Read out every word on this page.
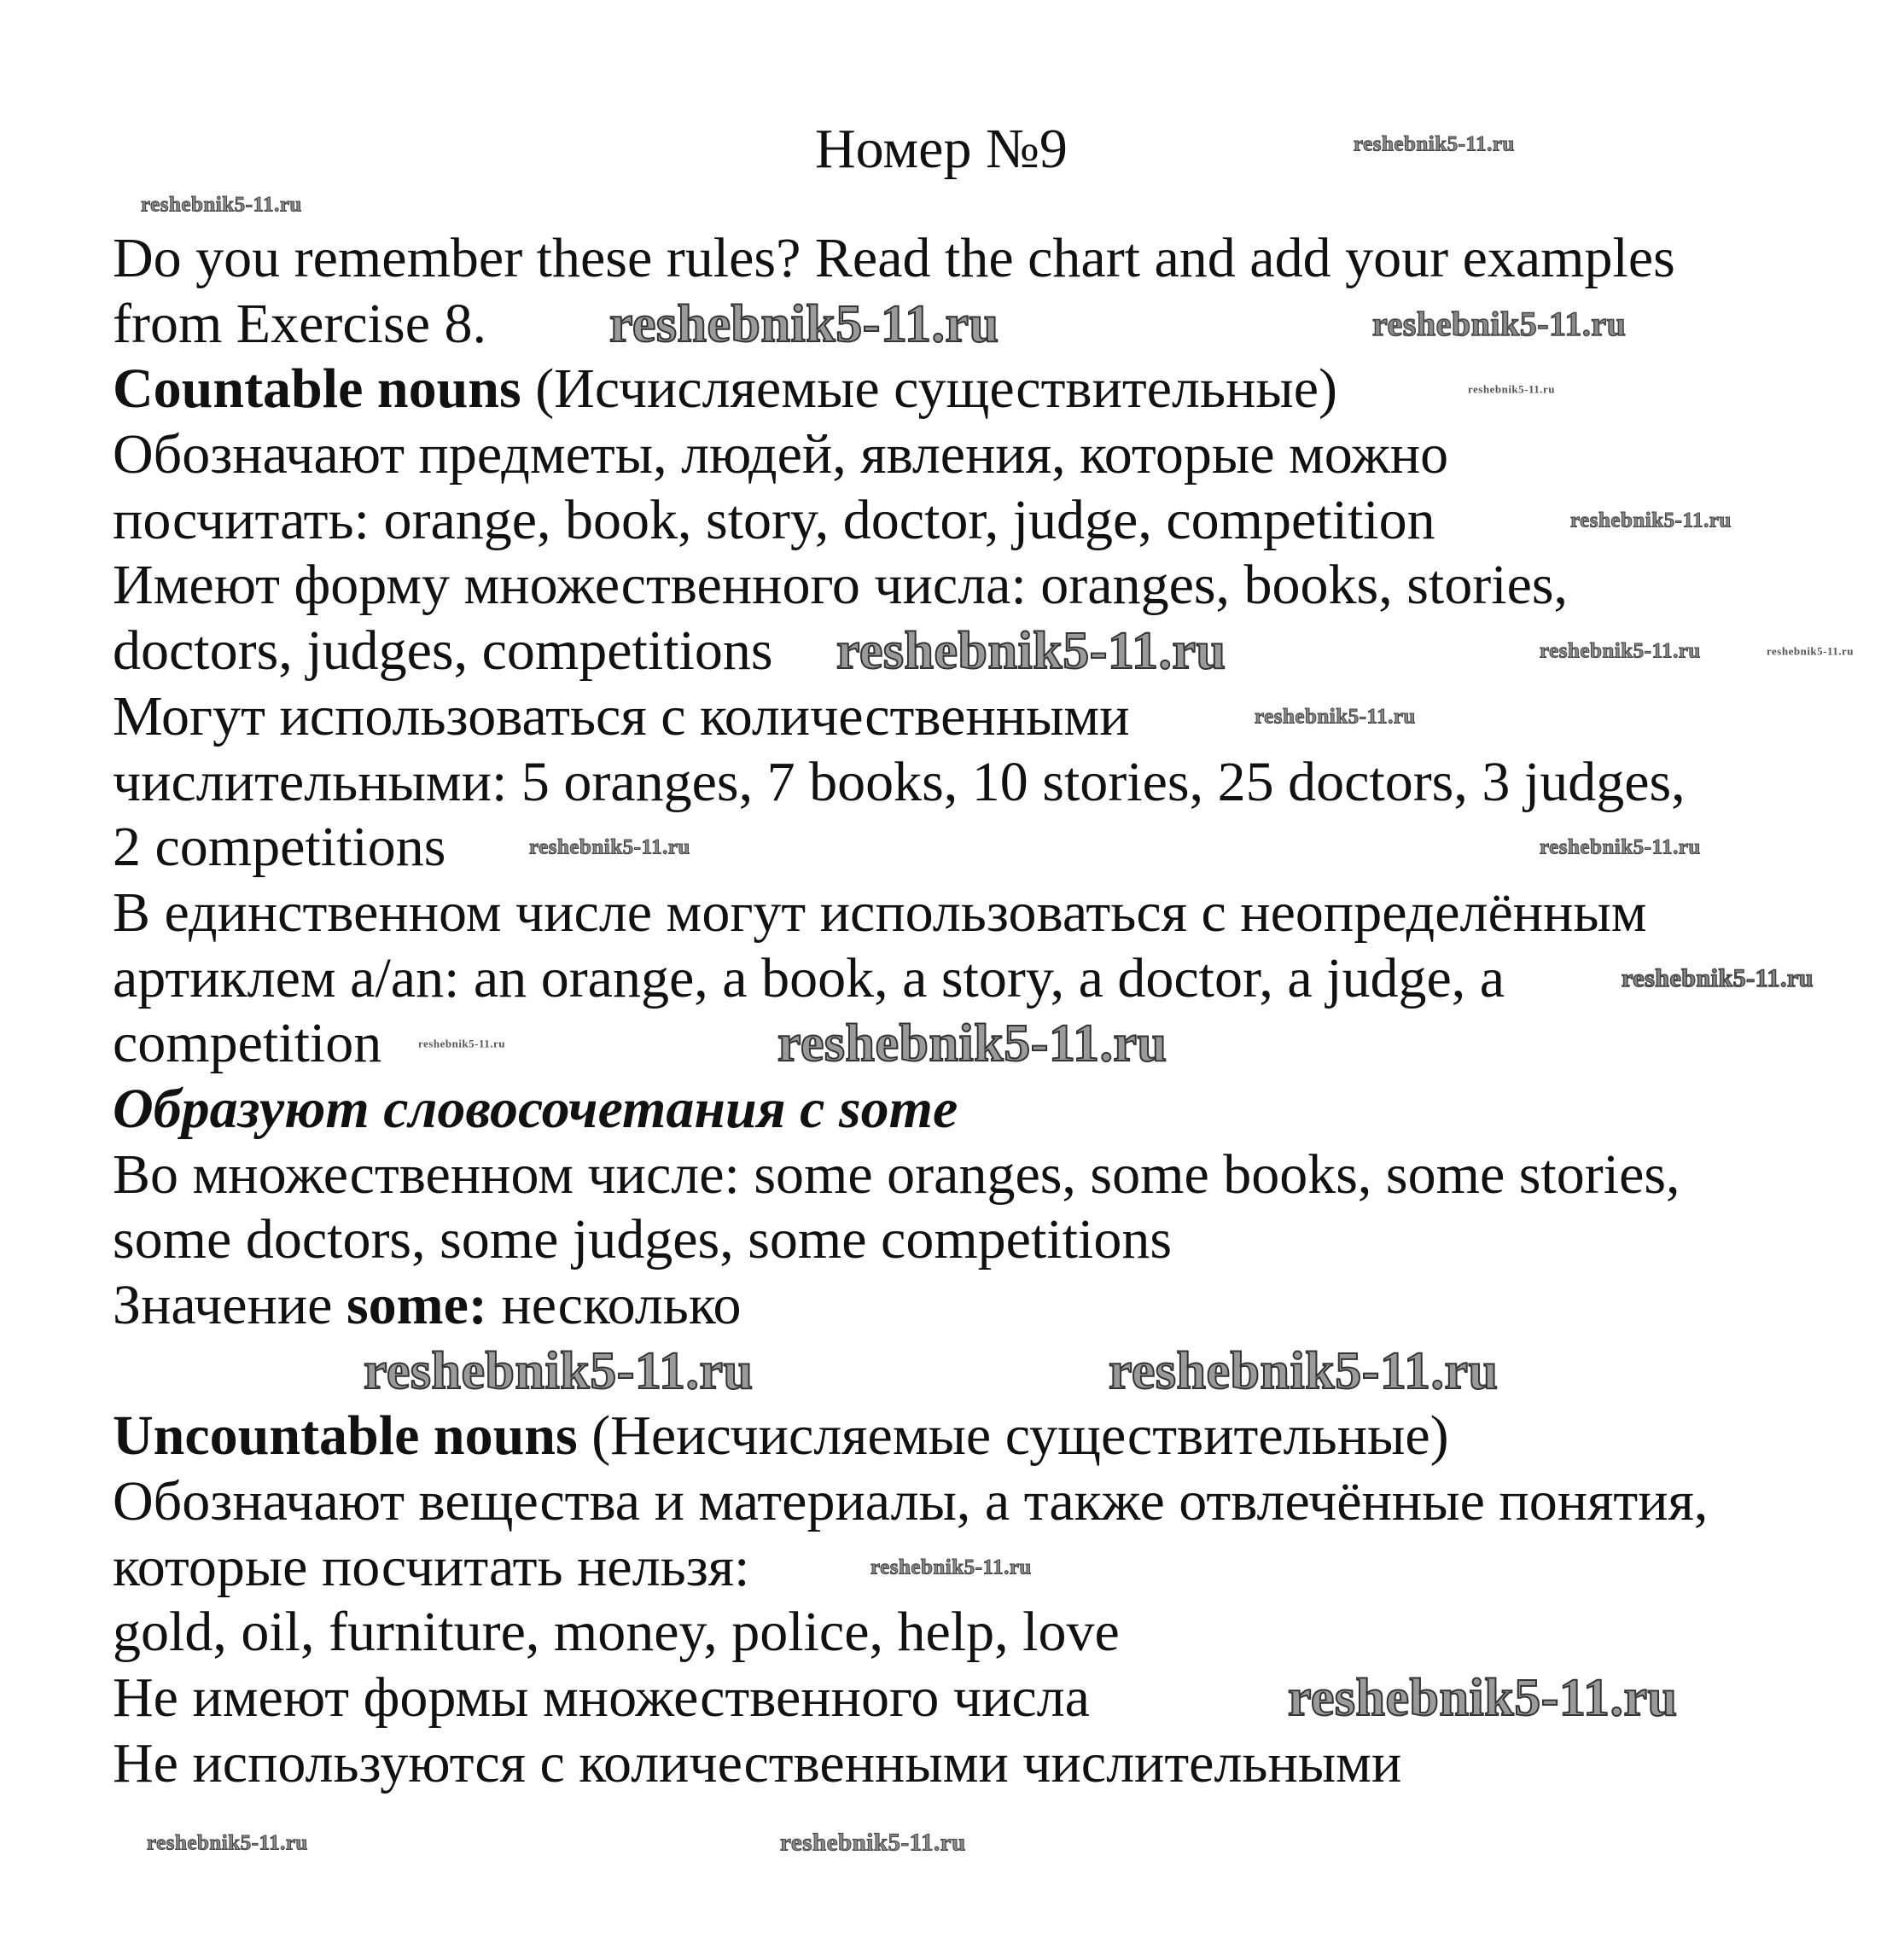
Номер №9
Do you remember these rules? Read the chart and add your examples
from Exercise 8.
Countable nouns (Исчисляемые существительные)
Обозначают предметы, людей, явления, которые можно
посчитать: orange, book, story, doctor, judge, competition
Имеют форму множественного числа: oranges, books, stories,
doctors, judges, competitions
Могут использоваться с количественными
числительными: 5 oranges, 7 books, 10 stories, 25 doctors, 3 judges,
2 competitions
В единственном числе могут использоваться с неопределённым
артиклем a/an: an orange, a book, a story, a doctor, a judge, a
competition
Образуют словосочетания с some
Во множественном числе: some oranges, some books, some stories,
some doctors, some judges, some competitions
Значение some: несколько
Uncountable nouns (Неисчисляемые существительные)
Обозначают вещества и материалы, а также отвлечённые понятия,
которые посчитать нельзя:
gold, oil, furniture, money, police, help, love
Не имеют формы множественного числа
Не используются с количественными числительными
reshebnik5-11.ru
reshebnik5-11.ru
reshebnik5-11.ru	reshebnik5-11.ru
reshebnik5-11.ru
reshebnik5-11.ru
reshebnik5-11.ru	reshebnik5-11.ru	reshebnik5-11.ru
reshebnik5-11.ru
reshebnik5-11.ru	reshebnik5-11.ru
reshebnik5-11.ru
reshebnik5-11.ru	reshebnik5-11.ru
reshebnik5-11.ru	reshebnik5-11.ru
reshebnik5-11.ru
reshebnik5-11.ru
reshebnik5-11.ru	reshebnik5-11.ru
